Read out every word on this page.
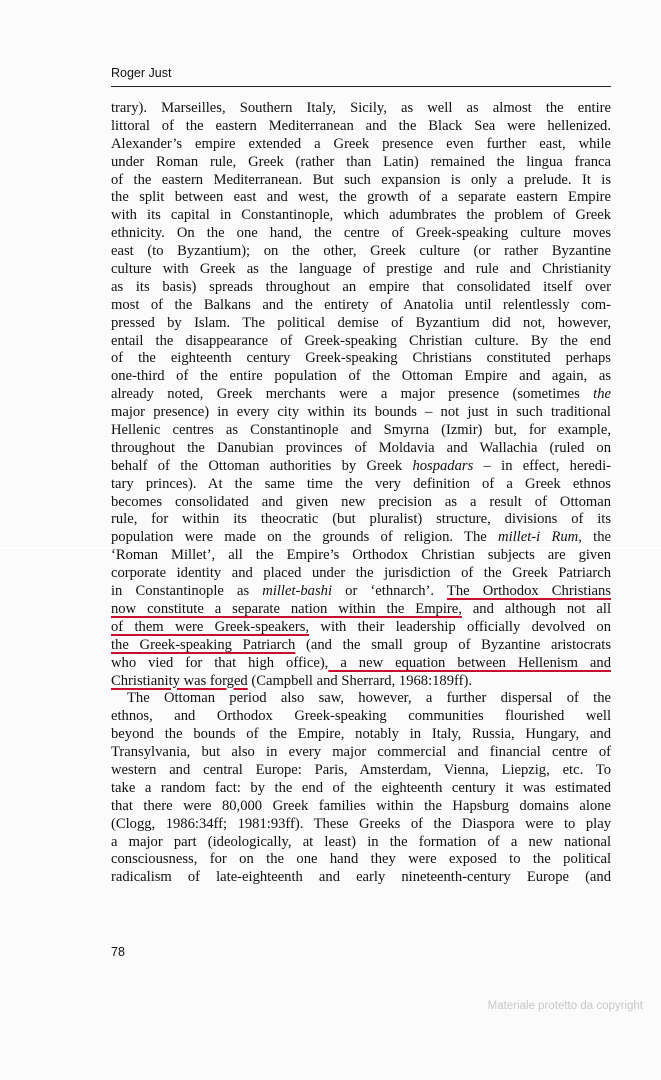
Roger Just
trary). Marseilles, Southern Italy, Sicily, as well as almost the entire
littoral of the eastern Mediterranean and the Black Sea were hellenized.
Alexander’s empire extended a Greek presence even further east, while
under Roman rule, Greek (rather than Latin) remained the lingua franca
of the eastern Mediterranean. But such expansion is only a prelude. It is
the split between east and west, the growth of a separate eastern Empire
with its capital in Constantinople, which adumbrates the problem of Greek
ethnicity. On the one hand, the centre of Greek-speaking culture moves
east (to Byzantium); on the other, Greek culture (or rather Byzantine
culture with Greek as the language of prestige and rule and Christianity
as its basis) spreads throughout an empire that consolidated itself over
most of the Balkans and the entirety of Anatolia until relentlessly com-
pressed by Islam. The political demise of Byzantium did not, however,
entail the disappearance of Greek-speaking Christian culture. By the end
of the eighteenth century Greek-speaking Christians constituted perhaps
one-third of the entire population of the Ottoman Empire and again, as
already noted, Greek merchants were a major presence (sometimes the
major presence) in every city within its bounds – not just in such traditional
Hellenic centres as Constantinople and Smyrna (Izmir) but, for example,
throughout the Danubian provinces of Moldavia and Wallachia (ruled on
behalf of the Ottoman authorities by Greek hospadars – in effect, heredi-
tary princes). At the same time the very definition of a Greek ethnos
becomes consolidated and given new precision as a result of Ottoman
rule, for within its theocratic (but pluralist) structure, divisions of its
population were made on the grounds of religion. The millet-i Rum, the
‘Roman Millet’, all the Empire’s Orthodox Christian subjects are given
corporate identity and placed under the jurisdiction of the Greek Patriarch
in Constantinople as millet-bashi or ‘ethnarch’. The Orthodox Christians
now constitute a separate nation within the Empire, and although not all
of them were Greek-speakers, with their leadership officially devolved on
the Greek-speaking Patriarch (and the small group of Byzantine aristocrats
who vied for that high office), a new equation between Hellenism and
Christianity was forged (Campbell and Sherrard, 1968:189ff).
The Ottoman period also saw, however, a further dispersal of the
ethnos, and Orthodox Greek-speaking communities flourished well
beyond the bounds of the Empire, notably in Italy, Russia, Hungary, and
Transylvania, but also in every major commercial and financial centre of
western and central Europe: Paris, Amsterdam, Vienna, Liepzig, etc. To
take a random fact: by the end of the eighteenth century it was estimated
that there were 80,000 Greek families within the Hapsburg domains alone
(Clogg, 1986:34ff; 1981:93ff). These Greeks of the Diaspora were to play
a major part (ideologically, at least) in the formation of a new national
consciousness, for on the one hand they were exposed to the political
radicalism of late-eighteenth and early nineteenth-century Europe (and
78
Materiale protetto da copyright
